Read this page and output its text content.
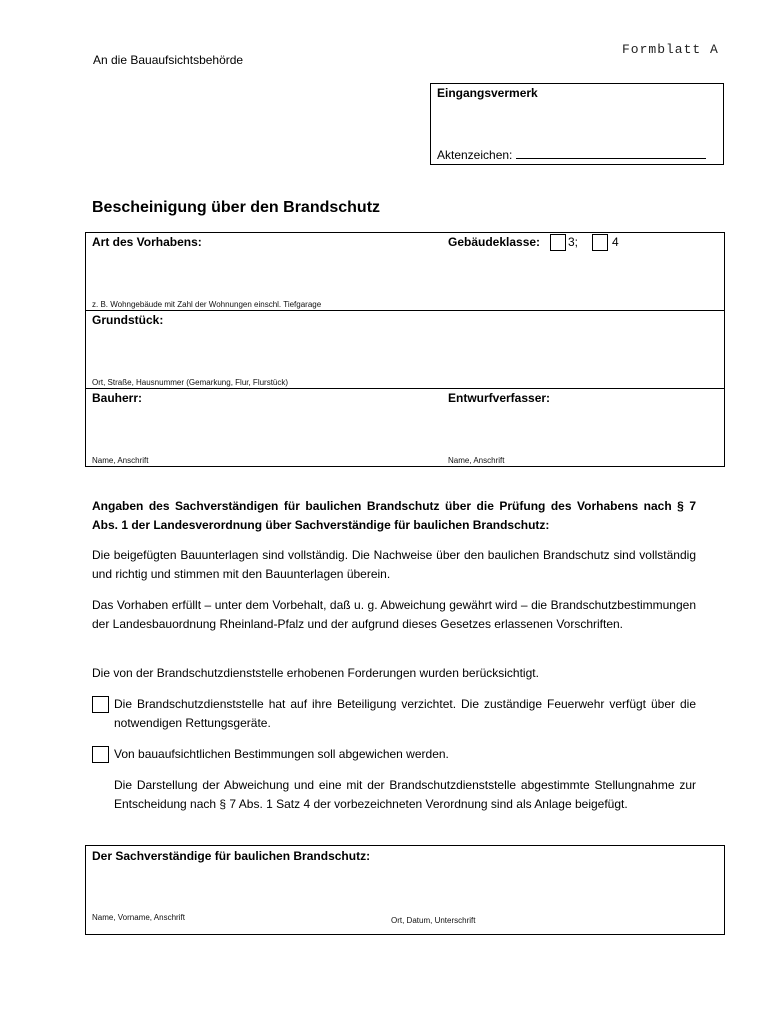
Formblatt A
An die Bauaufsichtsbehörde
Eingangsvermerk
Aktenzeichen:
Bescheinigung über den Brandschutz
Art des Vorhabens:	Gebäudeklasse: 3;	4
z. B. Wohngebäude mit Zahl der Wohnungen einschl. Tiefgarage
Grundstück:
Ort, Straße, Hausnummer (Gemarkung, Flur, Flurstück)
Bauherr:	Entwurfverfasser:
Name, Anschrift	Name, Anschrift
Angaben des Sachverständigen für baulichen Brandschutz über die Prüfung des Vorhabens nach § 7 Abs. 1 der Landesverordnung über Sachverständige für baulichen Brandschutz:
Die beigefügten Bauunterlagen sind vollständig. Die Nachweise über den baulichen Brandschutz sind vollständig und richtig und stimmen mit den Bauunterlagen überein.
Das Vorhaben erfüllt – unter dem Vorbehalt, daß u. g. Abweichung gewährt wird – die Brandschutzbestimmungen der Landesbauordnung Rheinland-Pfalz und der aufgrund dieses Gesetzes erlassenen Vorschriften.
Die von der Brandschutzdienststelle erhobenen Forderungen wurden berücksichtigt.
Die Brandschutzdienststelle hat auf ihre Beteiligung verzichtet. Die zuständige Feuerwehr verfügt über die notwendigen Rettungsgeräte.
Von bauaufsichtlichen Bestimmungen soll abgewichen werden.
Die Darstellung der Abweichung und eine mit der Brandschutzdienststelle abgestimmte Stellungnahme zur Entscheidung nach § 7 Abs. 1 Satz 4 der vorbezeichneten Verordnung sind als Anlage beigefügt.
Der Sachverständige für baulichen Brandschutz:
Name, Vorname, Anschrift	Ort, Datum, Unterschrift
